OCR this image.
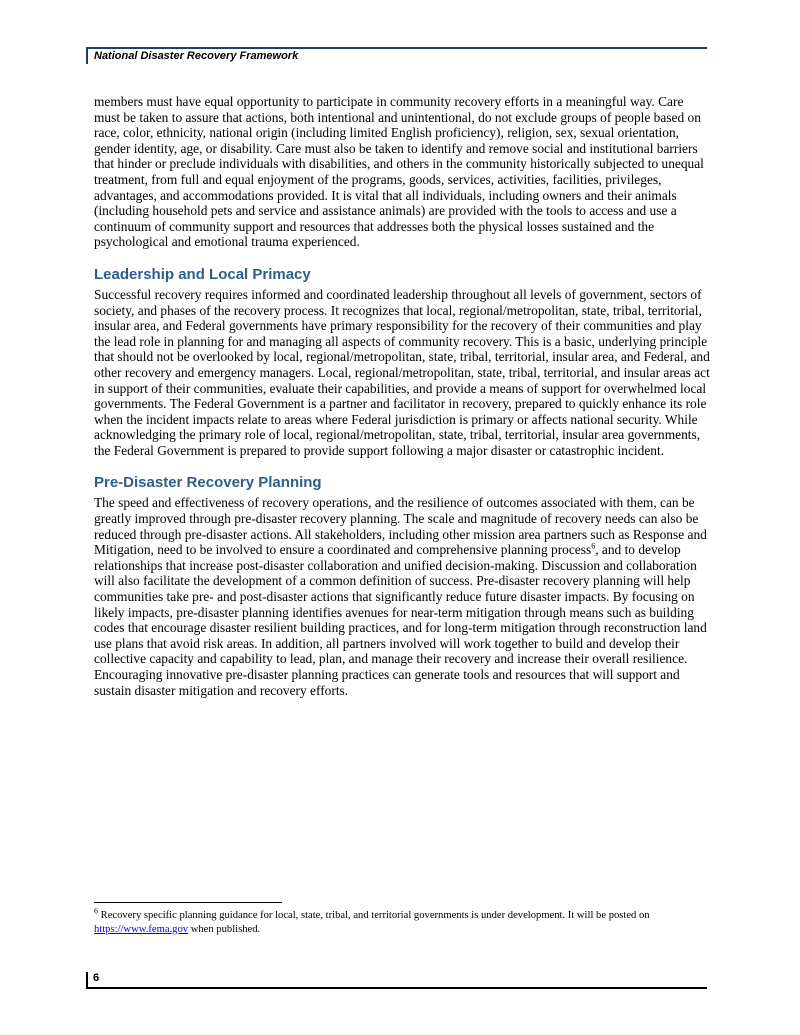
National Disaster Recovery Framework

members must have equal opportunity to participate in community recovery efforts in a meaningful way. Care must be taken to assure that actions, both intentional and unintentional, do not exclude groups of people based on race, color, ethnicity, national origin (including limited English proficiency), religion, sex, sexual orientation, gender identity, age, or disability. Care must also be taken to identify and remove social and institutional barriers that hinder or preclude individuals with disabilities, and others in the community historically subjected to unequal treatment, from full and equal enjoyment of the programs, goods, services, activities, facilities, privileges, advantages, and accommodations provided. It is vital that all individuals, including owners and their animals (including household pets and service and assistance animals) are provided with the tools to access and use a continuum of community support and resources that addresses both the physical losses sustained and the psychological and emotional trauma experienced.

Leadership and Local Primacy

Successful recovery requires informed and coordinated leadership throughout all levels of government, sectors of society, and phases of the recovery process. It recognizes that local, regional/metropolitan, state, tribal, territorial, insular area, and Federal governments have primary responsibility for the recovery of their communities and play the lead role in planning for and managing all aspects of community recovery. This is a basic, underlying principle that should not be overlooked by local, regional/metropolitan, state, tribal, territorial, insular area, and Federal, and other recovery and emergency managers. Local, regional/metropolitan, state, tribal, territorial, and insular areas act in support of their communities, evaluate their capabilities, and provide a means of support for overwhelmed local governments. The Federal Government is a partner and facilitator in recovery, prepared to quickly enhance its role when the incident impacts relate to areas where Federal jurisdiction is primary or affects national security. While acknowledging the primary role of local, regional/metropolitan, state, tribal, territorial, insular area governments, the Federal Government is prepared to provide support following a major disaster or catastrophic incident.

Pre-Disaster Recovery Planning

The speed and effectiveness of recovery operations, and the resilience of outcomes associated with them, can be greatly improved through pre-disaster recovery planning. The scale and magnitude of recovery needs can also be reduced through pre-disaster actions. All stakeholders, including other mission area partners such as Response and Mitigation, need to be involved to ensure a coordinated and comprehensive planning process$^6$, and to develop relationships that increase post-disaster collaboration and unified decision-making. Discussion and collaboration will also facilitate the development of a common definition of success. Pre-disaster recovery planning will help communities take pre- and post-disaster actions that significantly reduce future disaster impacts. By focusing on likely impacts, pre-disaster planning identifies avenues for near-term mitigation through means such as building codes that encourage disaster resilient building practices, and for long-term mitigation through reconstruction land use plans that avoid risk areas. In addition, all partners involved will work together to build and develop their collective capacity and capability to lead, plan, and manage their recovery and increase their overall resilience. Encouraging innovative pre-disaster planning practices can generate tools and resources that will support and sustain disaster mitigation and recovery efforts.

$^6$ Recovery specific planning guidance for local, state, tribal, and territorial governments is under development. It will be posted on https://www.fema.gov when published.
6
